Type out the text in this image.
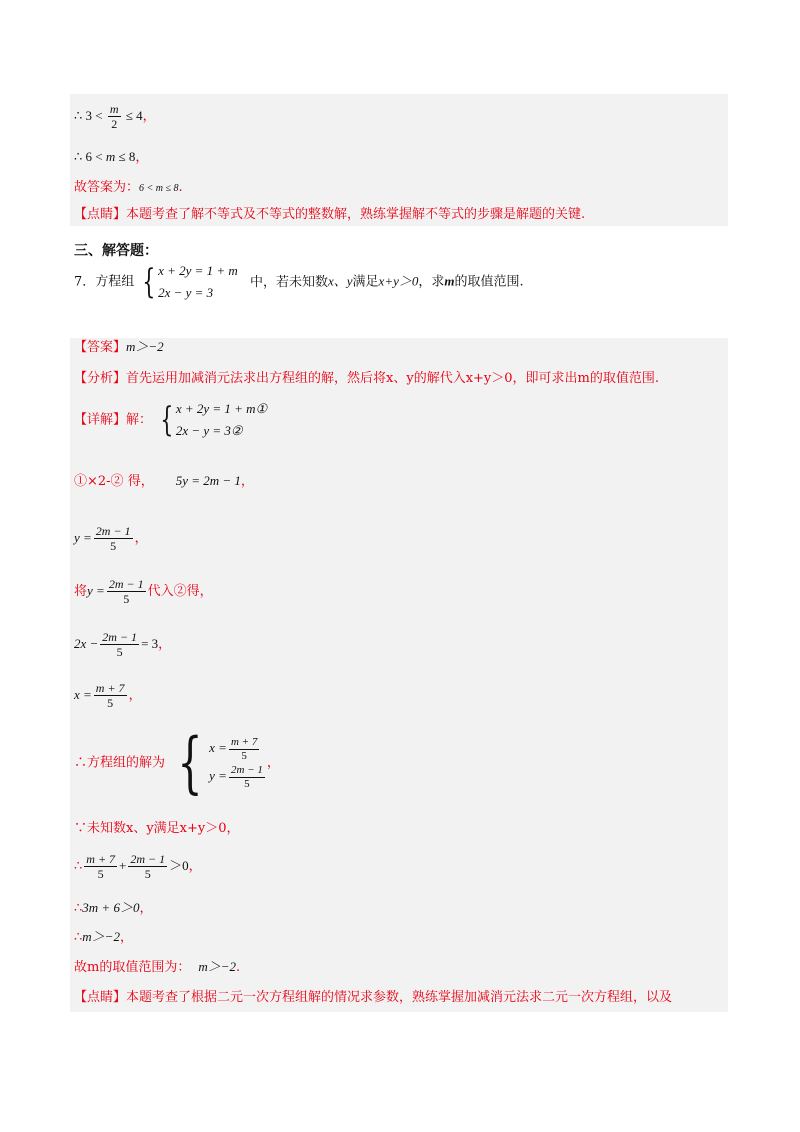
∴ $3 < \frac{m}{2} \le 4$，
∴ 6 < m ≤ 8，
故答案为：6 < m ≤ 8.
【点睛】本题考查了解不等式及不等式的整数解，熟练掌握解不等式的步骤是解题的关键.
三、解答题：
7．方程组 { x + 2y = 1 + m
2x − y = 3 中，若未知数x、y满足x+y＞0，求m的取值范围.
【答案】m＞−2
【分析】首先运用加减消元法求出方程组的解，然后将x、y的解代入x+y＞0，即可求出m的取值范围.
【详解】解： { x + 2y = 1 + m①
2x − y = 3②
①×2-② 得， 5y = 2m − 1，
$y = \frac{2m - 1}{5}$ ，
将$y = \frac{2m - 1}{5}$ 代入②得，
$2x - \frac{2m - 1}{5} = 3$，
$x = \frac{m + 7}{5}$ ，
∴方程组的解为 { $x = \frac{m + 7}{5}$

$y = \frac{2m - 1}{5}$
，
∵未知数x、y满足x+y＞0，
∴ $\frac{m + 7}{5} + \frac{2m - 1}{5} >0$，
∴3m + 6＞0，
∴m＞−2，
故m的取值范围为： m＞−2.
【点睛】本题考查了根据二元一次方程组解的情况求参数，熟练掌握加减消元法求二元一次方程组，以及
